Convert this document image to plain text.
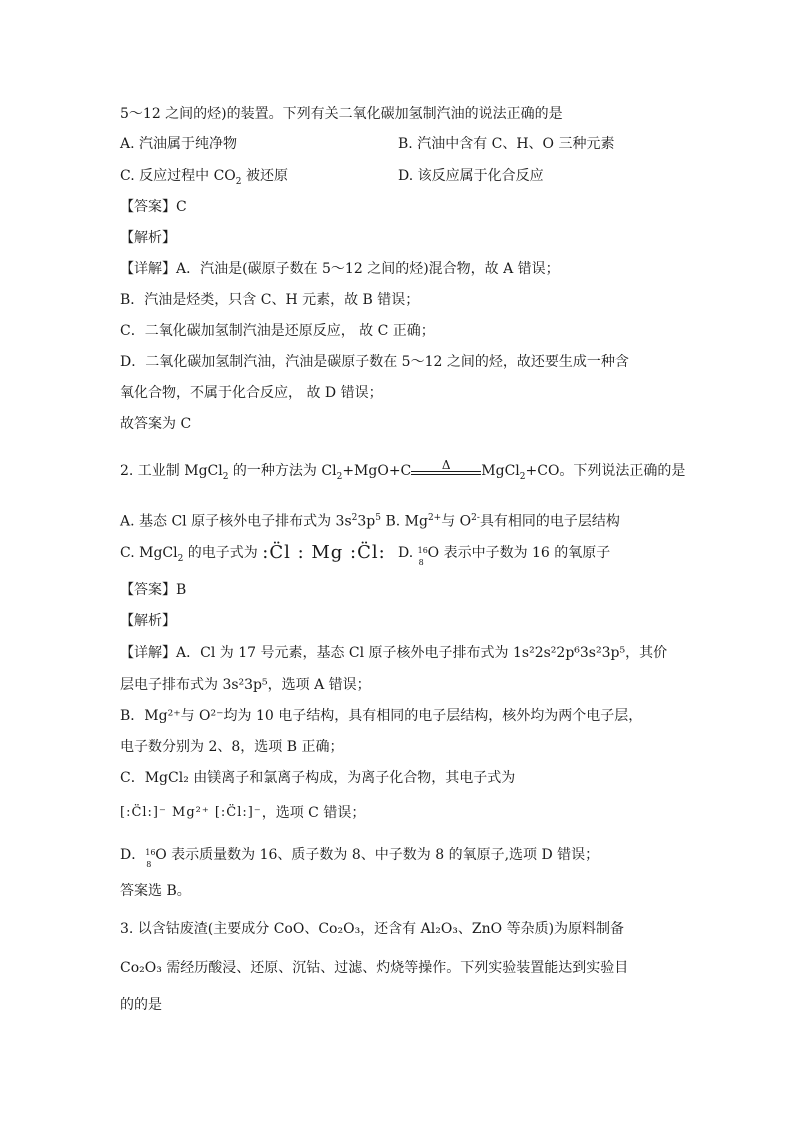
5～12 之间的烃)的装置。下列有关二氧化碳加氢制汽油的说法正确的是
A. 汽油属于纯净物	B. 汽油中含有 C、H、O 三种元素
C. 反应过程中 $CO_2$ 被还原	D. 该反应属于化合反应
【答案】C
【解析】
【详解】A．汽油是(碳原子数在 5～12 之间的烃)混合物，故 A 错误；
B．汽油是烃类，只含 C、H 元素，故 B 错误；
C．二氧化碳加氢制汽油是还原反应， 故 C 正确；
D．二氧化碳加氢制汽油，汽油是碳原子数在 5～12 之间的烃，故还要生成一种含
氧化合物，不属于化合反应， 故 D 错误；
故答案为 C
2. 工业制 MgCl$_2$ 的一种方法为 $Cl_2+MgO+C$	Δ	MgCl$_2$+CO。下列说法正确的是
A. 基态 Cl 原子核外电子排布式为 $3s^23p^5$ B. $Mg^{2+}$与 $O^{2-}$具有相同的电子层结构
C. MgCl$_2$ 的电子式为 :C̈l : Mg :C̈l: D. 16
8
O 表示中子数为 16 的氧原子
【答案】B
【解析】
【详解】A．Cl 为 17 号元素，基态 Cl 原子核外电子排布式为 1s²2s²2p⁶3s²3p⁵，其价
层电子排布式为 3s²3p⁵，选项 A 错误；
B．Mg²⁺与 O²⁻均为 10 电子结构，具有相同的电子层结构，核外均为两个电子层，
电子数分别为 2、8，选项 B 正确；
C．MgCl₂ 由镁离子和氯离子构成，为离子化合物，其电子式为
[:C̈l:]⁻ Mg²⁺ [:C̈l:]⁻，选项 C 错误；
D． 16
8
O 表示质量数为 16、质子数为 8、中子数为 8 的氧原子,选项 D 错误；
答案选 B。
3. 以含钴废渣(主要成分 CoO、Co₂O₃，还含有 Al₂O₃、ZnO 等杂质)为原料制备
Co₂O₃ 需经历酸浸、还原、沉钴、过滤、灼烧等操作。下列实验装置能达到实验目
的的是
